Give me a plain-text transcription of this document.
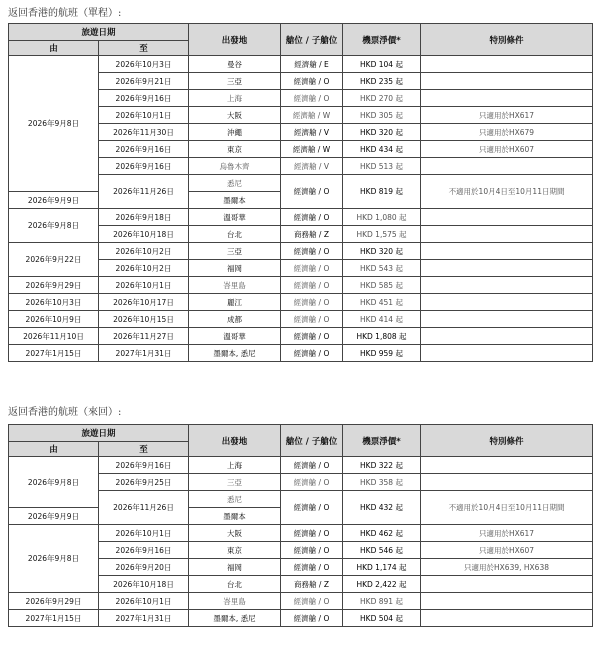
返回香港的航班（單程）:
旅遊日期		出發地	艙位 / 子艙位	機票淨價*	特別條件
由	至				
2026年9月8日	2026年10月3日	曼谷	經濟艙 / E	HKD 104 起	
	2026年9月21日	三亞	經濟艙 / O	HKD 235 起	
	2026年9月16日	上海	經濟艙 / O	HKD 270 起	
	2026年10月1日	大阪	經濟艙 / W	HKD 305 起	只適用於HX617
	2026年11月30日	沖繩	經濟艙 / V	HKD 320 起	只適用於HX679
	2026年9月16日	東京	經濟艙 / W	HKD 434 起	只適用於HX607
	2026年9月16日	烏魯木齊	經濟艙 / V	HKD 513 起	
	2026年11月26日	悉尼	經濟艙 / O	HKD 819 起	不適用於10月4日至10月11日期間
2026年9月9日		墨爾本			
2026年9月8日	2026年9月18日	溫哥華	經濟艙 / O	HKD 1,080 起	
	2026年10月18日	台北	商務艙 / Z	HKD 1,575 起	
2026年9月22日	2026年10月2日	三亞	經濟艙 / O	HKD 320 起	
	2026年10月2日	福岡	經濟艙 / O	HKD 543 起	
2026年9月29日	2026年10月1日	峇里島	經濟艙 / O	HKD 585 起	
2026年10月3日	2026年10月17日	麗江	經濟艙 / O	HKD 451 起	
2026年10月9日	2026年10月15日	成都	經濟艙 / O	HKD 414 起	
2026年11月10日	2026年11月27日	溫哥華	經濟艙 / O	HKD 1,808 起	
2027年1月15日	2027年1月31日	墨爾本, 悉尼	經濟艙 / O	HKD 959 起	
返回香港的航班（來回）:
旅遊日期		出發地	艙位 / 子艙位	機票淨價*	特別條件
由	至				
2026年9月8日	2026年9月16日	上海	經濟艙 / O	HKD 322 起	
	2026年9月25日	三亞	經濟艙 / O	HKD 358 起	
	2026年11月26日	悉尼	經濟艙 / O	HKD 432 起	不適用於10月4日至10月11日期間
2026年9月9日		墨爾本			
2026年9月8日	2026年10月1日	大阪	經濟艙 / O	HKD 462 起	只適用於HX617
	2026年9月16日	東京	經濟艙 / O	HKD 546 起	只適用於HX607
	2026年9月20日	福岡	經濟艙 / O	HKD 1,174 起	只適用於HX639, HX638
	2026年10月18日	台北	商務艙 / Z	HKD 2,422 起	
2026年9月29日	2026年10月1日	峇里島	經濟艙 / O	HKD 891 起	
2027年1月15日	2027年1月31日	墨爾本, 悉尼	經濟艙 / O	HKD 504 起	
